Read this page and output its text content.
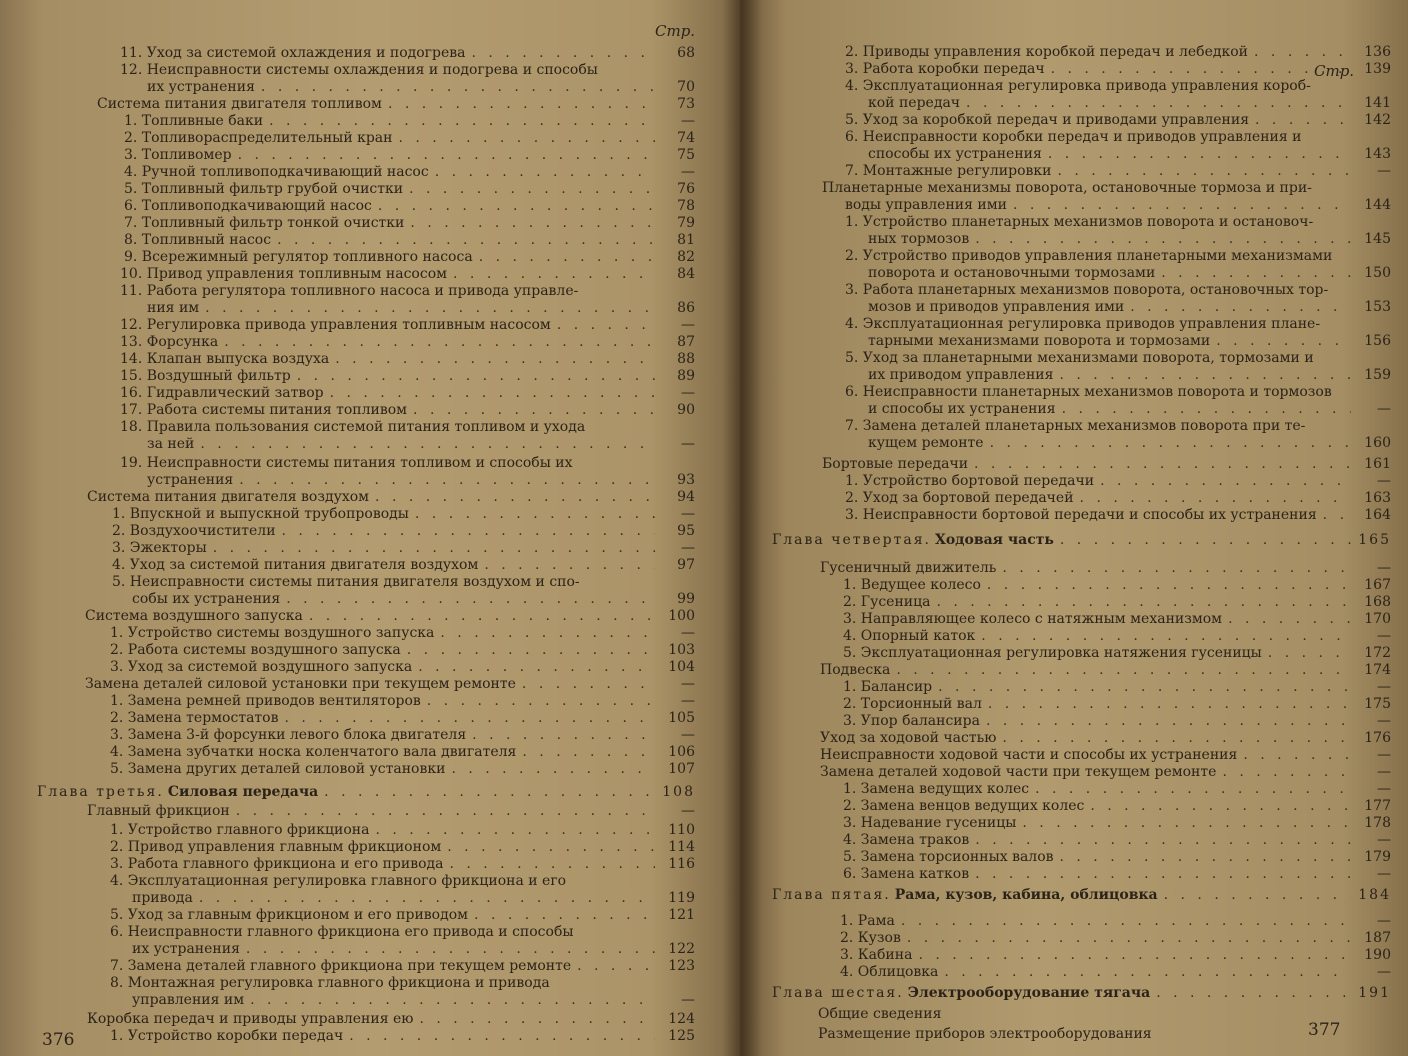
Стр.
11. Уход за системой охлаждения и подогрева . . .	68
12. Неисправности системы охлаждения и подогрева и способы
их устранения . . .	70
Система питания двигателя топливом . . .	73
1. Топливные баки . . .	—
2. Топливораспределительный кран . . .	74
3. Топливомер . . .	75
4. Ручной топливоподкачивающий насос . . .	—
5. Топливный фильтр грубой очистки . . .	76
6. Топливоподкачивающий насос . . .	78
7. Топливный фильтр тонкой очистки . . .	79
8. Топливный насос . . .	81
9. Всережимный регулятор топливного насоса . . .	82
10. Привод управления топливным насосом . . .	84
11. Работа регулятора топливного насоса и привода управле-
ния им . . .	86
12. Регулировка привода управления топливным насосом . . .	—
13. Форсунка . . .	87
14. Клапан выпуска воздуха . . .	88
15. Воздушный фильтр . . .	89
16. Гидравлический затвор . . .	—
17. Работа системы питания топливом . . .	90
18. Правила пользования системой питания топливом и ухода
за ней . . .	—
19. Неисправности системы питания топливом и способы их
устранения . . .	93
Система питания двигателя воздухом . . .	94
1. Впускной и выпускной трубопроводы . . .	—
2. Воздухоочистители . . .	95
3. Эжекторы . . .	—
4. Уход за системой питания двигателя воздухом . . .	97
5. Неисправности системы питания двигателя воздухом и спо-
собы их устранения . . .	99
Система воздушного запуска . . .	100
1. Устройство системы воздушного запуска . . .	—
2. Работа системы воздушного запуска . . .	103
3. Уход за системой воздушного запуска . . .	104
Замена деталей силовой установки при текущем ремонте . . .	—
1. Замена ремней приводов вентиляторов . . .	—
2. Замена термостатов . . .	105
3. Замена 3-й форсунки левого блока двигателя . . .	—
4. Замена зубчатки носка коленчатого вала двигателя . . .	106
5. Замена других деталей силовой установки . . .	107
Глава третья. Силовая передача . . .	108
Главный фрикцион . . .	—
1. Устройство главного фрикциона . . .	110
2. Привод управления главным фрикционом . . .	114
3. Работа главного фрикциона и его привода . . .	116
4. Эксплуатационная регулировка главного фрикциона и его
привода . . .	119
5. Уход за главным фрикционом и его приводом . . .	121
6. Неисправности главного фрикциона его привода и способы
их устранения . . .	122
7. Замена деталей главного фрикциона при текущем ремонте . . .	123
8. Монтажная регулировка главного фрикциона и привода
управления им . . .	—
Коробка передач и приводы управления ею . . .	124
1. Устройство коробки передач . . .	125
376
Стр.
2. Приводы управления коробкой передач и лебедкой . . .	136
3. Работа коробки передач . . .	139
4. Эксплуатационная регулировка привода управления короб-
кой передач . . .	141
5. Уход за коробкой передач и приводами управления . . .	142
6. Неисправности коробки передач и приводов управления и
способы их устранения . . .	143
7. Монтажные регулировки . . .	—
Планетарные механизмы поворота, остановочные тормоза и при-
воды управления ими . . .	144
1. Устройство планетарных механизмов поворота и остановоч-
ных тормозов . . .	145
2. Устройство приводов управления планетарными механизмами
поворота и остановочными тормозами . . .	150
3. Работа планетарных механизмов поворота, остановочных тор-
мозов и приводов управления ими . . .	153
4. Эксплуатационная регулировка приводов управления плане-
тарными механизмами поворота и тормозами . . .	156
5. Уход за планетарными механизмами поворота, тормозами и
их приводом управления . . .	159
6. Неисправности планетарных механизмов поворота и тормозов
и способы их устранения . . .	—
7. Замена деталей планетарных механизмов поворота при те-
кущем ремонте . . .	160
Бортовые передачи . . .	161
1. Устройство бортовой передачи . . .	—
2. Уход за бортовой передачей . . .	163
3. Неисправности бортовой передачи и способы их устранения . . .	164
Глава четвертая. Ходовая часть . . .	165
Гусеничный движитель . . .	—
1. Ведущее колесо . . .	167
2. Гусеница . . .	168
3. Направляющее колесо с натяжным механизмом . . .	170
4. Опорный каток . . .	—
5. Эксплуатационная регулировка натяжения гусеницы . . .	172
Подвеска . . .	174
1. Балансир . . .	—
2. Торсионный вал . . .	175
3. Упор балансира . . .	—
Уход за ходовой частью . . .	176
Неисправности ходовой части и способы их устранения . . .	—
Замена деталей ходовой части при текущем ремонте . . .	—
1. Замена ведущих колес . . .	—
2. Замена венцов ведущих колес . . .	177
3. Надевание гусеницы . . .	178
4. Замена траков . . .	—
5. Замена торсионных валов . . .	179
6. Замена катков . . .	—
Глава пятая. Рама, кузов, кабина, облицовка . . .	184
1. Рама . . .	—
2. Кузов . . .	187
3. Кабина . . .	190
4. Облицовка . . .	—
Глава шестая. Электрооборудование тягача . . .	191
Общие сведения
Размещение приборов электрооборудования	377
